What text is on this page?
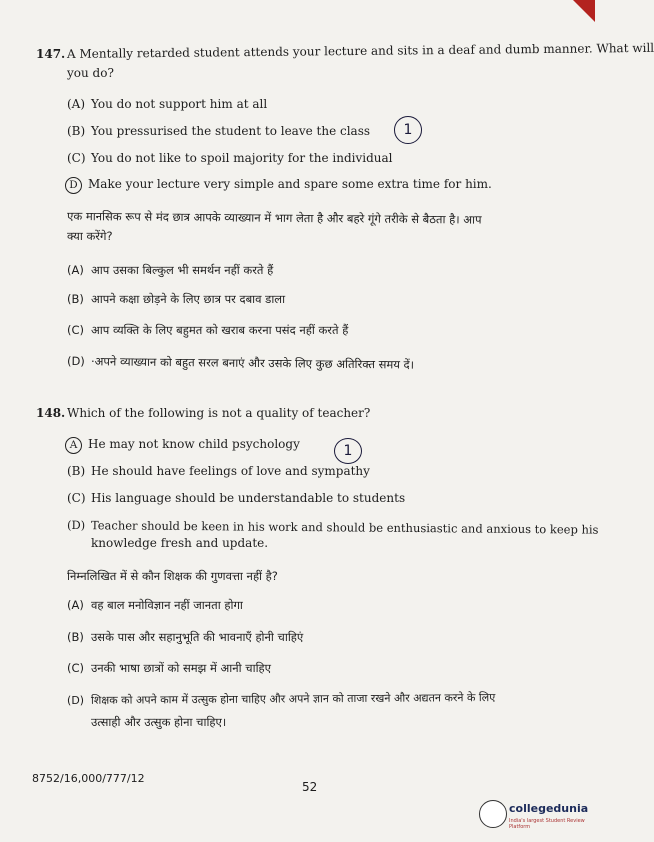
147. A Mentally retarded student attends your lecture and sits in a deaf and dumb manner. What will
you do?
(A) You do not support him at all
(B) You pressurised the student to leave the class
(C) You do not like to spoil majority for the individual
D Make your lecture very simple and spare some extra time for him.
1
एक मानसिक रूप से मंद छात्र आपके व्याख्यान में भाग लेता है और बहरे गूंगे तरीके से बैठता है। आप
क्या करेंगे?
(A) आप उसका बिल्कुल भी समर्थन नहीं करते हैं
(B) आपने कक्षा छोड़ने के लिए छात्र पर दबाव डाला
(C) आप व्यक्ति के लिए बहुमत को खराब करना पसंद नहीं करते हैं
(D) ·अपने व्याख्यान को बहुत सरल बनाएं और उसके लिए कुछ अतिरिक्त समय दें।
148. Which of the following is not a quality of teacher?
A He may not know child psychology
(B) He should have feelings of love and sympathy
(C) His language should be understandable to students
(D) Teacher should be keen in his work and should be enthusiastic and anxious to keep his
knowledge fresh and update.
1
निम्नलिखित में से कौन शिक्षक की गुणवत्ता नहीं है?
(A) वह बाल मनोविज्ञान नहीं जानता होगा
(B) उसके पास और सहानुभूति की भावनाएँ होनी चाहिएं
(C) उनकी भाषा छात्रों को समझ में आनी चाहिए
(D) शिक्षक को अपने काम में उत्सुक होना चाहिए और अपने ज्ञान को ताजा रखने और अद्यतन करने के लिए
उत्साही और उत्सुक होना चाहिए।
8752/16,000/777/12
52
collegedunia
India's largest Student Review Platform
